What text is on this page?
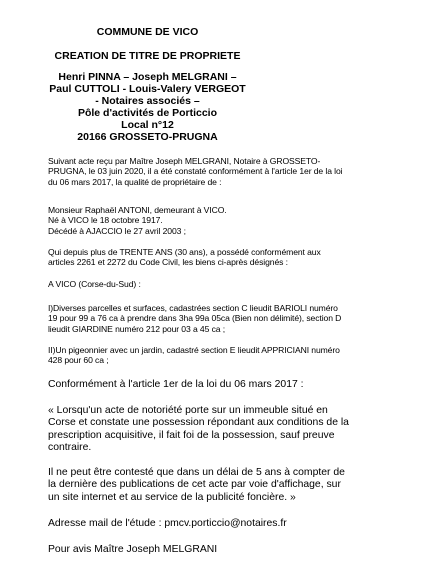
COMMUNE DE VICO
CREATION DE TITRE DE PROPRIETE
Henri PINNA – Joseph MELGRANI –
Paul CUTTOLI - Louis-Valery VERGEOT
- Notaires associés –
Pôle d'activités de Porticcio
Local n°12
20166 GROSSETO-PRUGNA
Suivant acte reçu par Maître Joseph MELGRANI, Notaire à GROSSETO-
PRUGNA, le 03 juin 2020, il a été constaté conformément à l'article 1er de la loi
du 06 mars 2017, la qualité de propriétaire de :
Monsieur Raphaël ANTONI, demeurant à VICO.
Né à VICO le 18 octobre 1917.
Décédé à AJACCIO le 27 avril 2003 ;
Qui depuis plus de TRENTE ANS (30 ans), a possédé conformément aux
articles 2261 et 2272 du Code Civil, les biens ci-après désignés :
A VICO (Corse-du-Sud) :
I)Diverses parcelles et surfaces, cadastrées section C lieudit BARIOLI numéro
19 pour 99 a 76 ca à prendre dans 3ha 99a 05ca (Bien non délimité), section D
lieudit GIARDINE numéro 212 pour 03 a 45 ca ;
II)Un pigeonnier avec un jardin, cadastré section E lieudit APPRICIANI numéro
428 pour 60 ca ;
Conformément à l'article 1er de la loi du 06 mars 2017 :
« Lorsqu'un acte de notoriété porte sur un immeuble situé en
Corse et constate une possession répondant aux conditions de la
prescription acquisitive, il fait foi de la possession, sauf preuve
contraire.
Il ne peut être contesté que dans un délai de 5 ans à compter de
la dernière des publications de cet acte par voie d'affichage, sur
un site internet et au service de la publicité foncière. »
Adresse mail de l'étude : pmcv.porticcio@notaires.fr
Pour avis Maître Joseph MELGRANI
